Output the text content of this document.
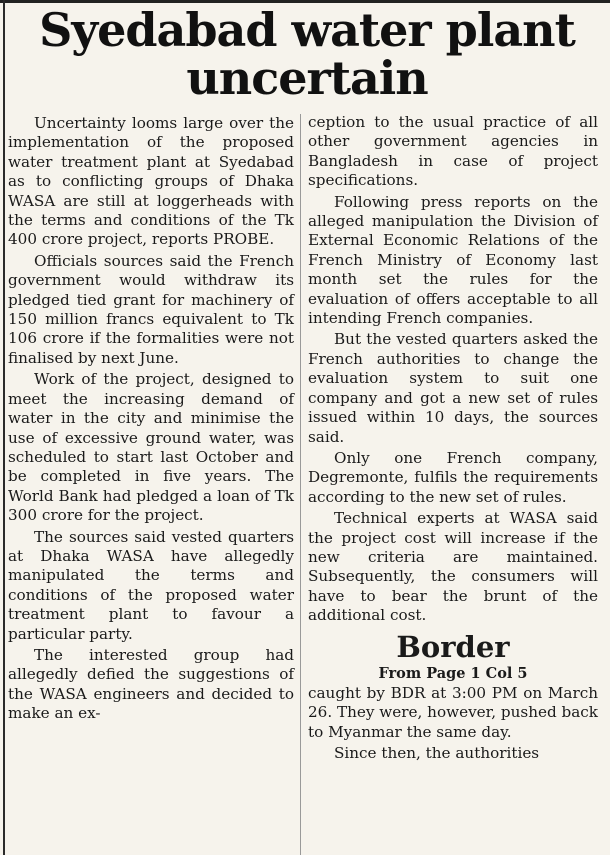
Syedabad water plant uncertain

Uncertainty looms large over the implementation of the proposed water treatment plant at Syedabad as to conflicting groups of Dhaka WASA are still at loggerheads with the terms and conditions of the Tk 400 crore project, reports PROBE.

Officials sources said the French government would withdraw its pledged tied grant for machinery of 150 million francs equivalent to Tk 106 crore if the formalities were not finalised by next June.

Work of the project, designed to meet the increasing demand of water in the city and minimise the use of excessive ground water, was scheduled to start last October and be completed in five years. The World Bank had pledged a loan of Tk 300 crore for the project.

The sources said vested quarters at Dhaka WASA have allegedly manipulated the terms and conditions of the proposed water treatment plant to favour a particular party.

The interested group had allegedly defied the suggestions of the WASA engineers and decided to make an ex-

ception to the usual practice of all other government agencies in Bangladesh in case of project specifications.

Following press reports on the alleged manipulation the Division of External Economic Relations of the French Ministry of Economy last month set the rules for the evaluation of offers acceptable to all intending French companies.

But the vested quarters asked the French authorities to change the evaluation system to suit one company and got a new set of rules issued within 10 days, the sources said.

Only one French company, Degremonte, fulfils the requirements according to the new set of rules.

Technical experts at WASA said the project cost will increase if the new criteria are maintained. Subsequently, the consumers will have to bear the brunt of the additional cost.

Border
From Page 1 Col 5

caught by BDR at 3:00 PM on March 26. They were, however, pushed back to Myanmar the same day.

Since then, the authorities
